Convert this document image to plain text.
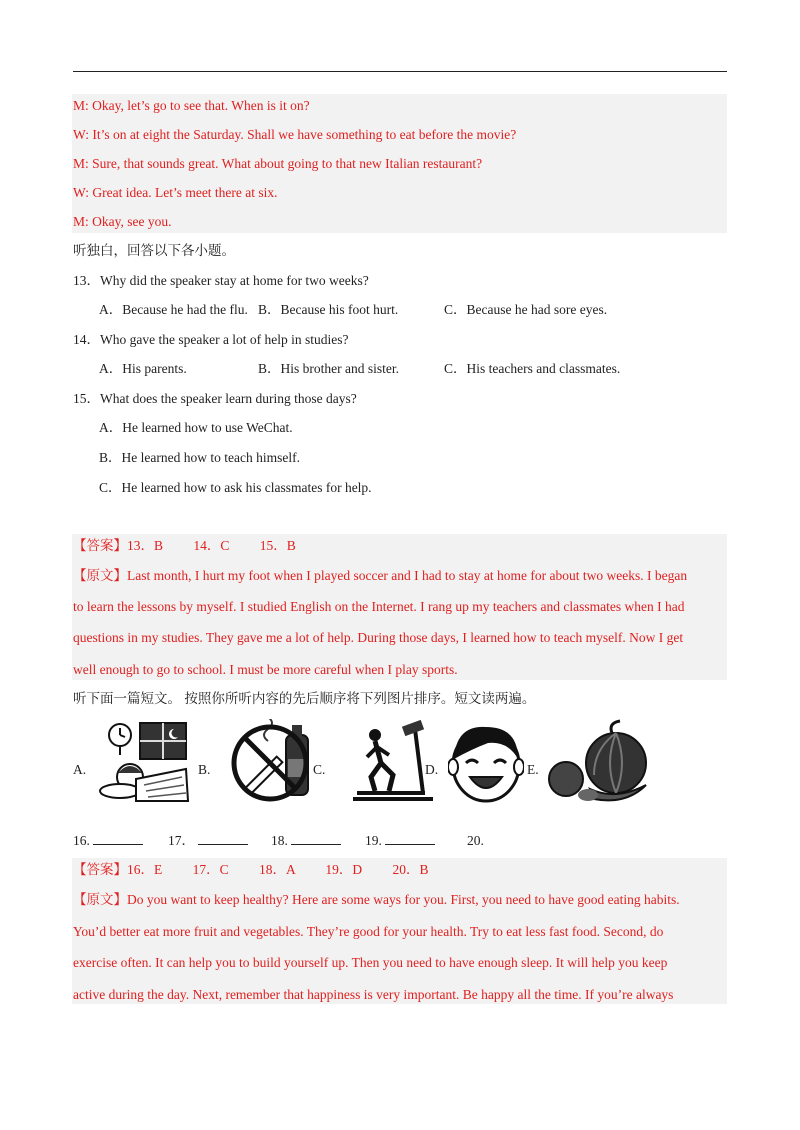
M: Okay, let’s go to see that. When is it on?
W: It’s on at eight the Saturday. Shall we have something to eat before the movie?
M: Sure, that sounds great. What about going to that new Italian restaurant?
W: Great idea. Let’s meet there at six.
M: Okay, see you.
听独白，回答以下各小题。
13．Why did the speaker stay at home for two weeks?
A．Because he had the flu. B．Because his foot hurt.	C．Because he had sore eyes.
14．Who gave the speaker a lot of help in studies?
A．His parents.	B．His brother and sister.	C．His teachers and classmates.
15．What does the speaker learn during those days?
A．He learned how to use WeChat.
B．He learned how to teach himself.
C．He learned how to ask his classmates for help.
【答案】13．B　　 14．C　　 15．B
【原文】Last month, I hurt my foot when I played soccer and I had to stay at home for about two weeks. I began
to learn the lessons by myself. I studied English on the Internet. I rang up my teachers and classmates when I had
questions in my studies. They gave me a lot of help. During those days, I learned how to teach myself. Now I get
well enough to go to school. I must be more careful when I play sports.
听下面一篇短文。 按照你所听内容的先后顺序将下列图片排序。短文读两遍。
A.	B.	C.	D.	E.
16.	17．	18.	19.	20.
【答案】16．E　　 17．C　　 18．A　　 19．D　　 20．B
【原文】Do you want to keep healthy? Here are some ways for you. First, you need to have good eating habits.
You’d better eat more fruit and vegetables. They’re good for your health. Try to eat less fast food. Second, do
exercise often. It can help you to build yourself up. Then you need to have enough sleep. It will help you keep
active during the day. Next, remember that happiness is very important. Be happy all the time. If you’re always
